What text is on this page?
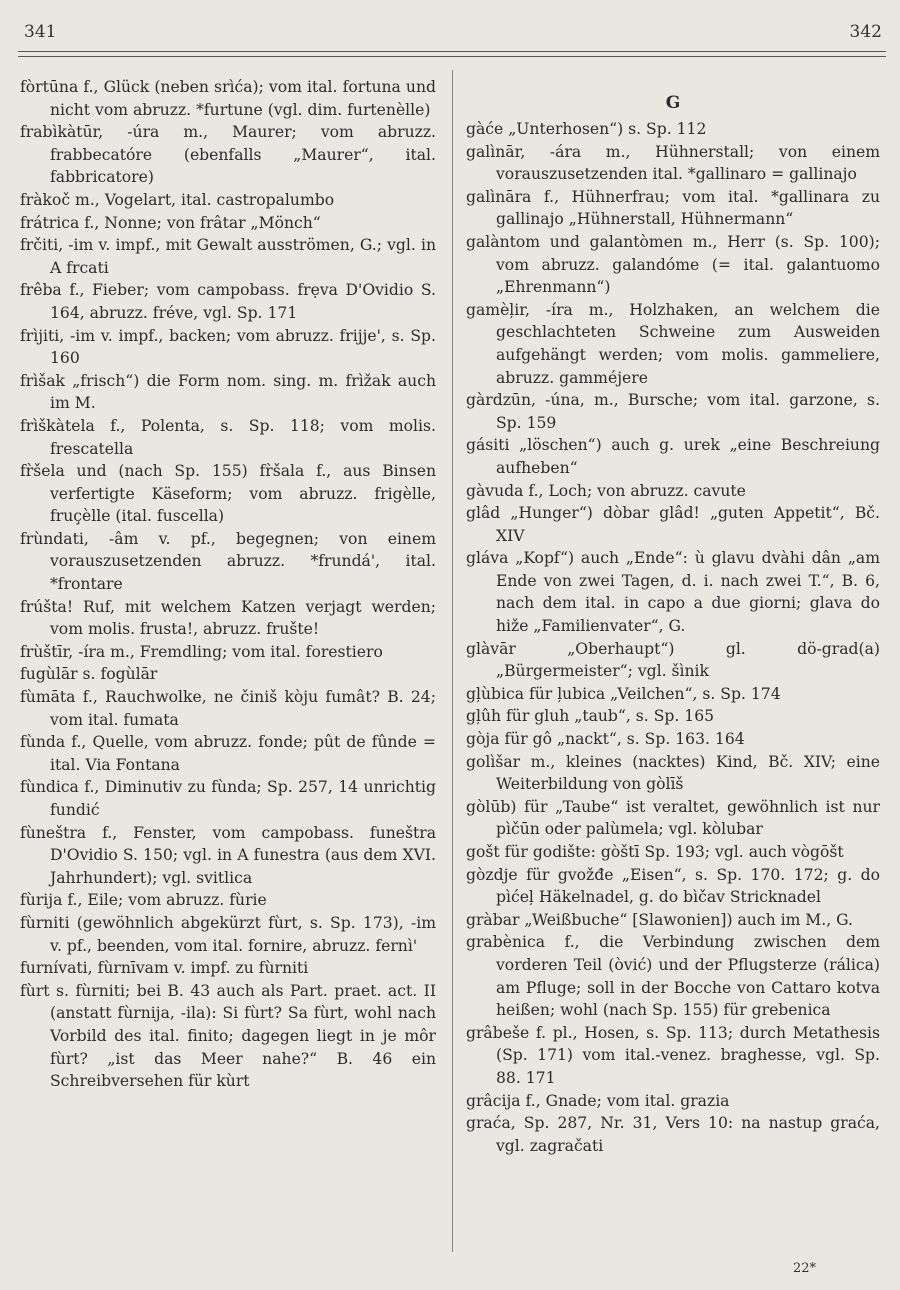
341	342
fòrtūna f., Glück (neben srìća); vom ital. fortuna und nicht vom abruzz. *furtune (vgl. dim. furtenèlle)
frabìkàtūr, -úra m., Maurer; vom abruzz. frabbecatóre (ebenfalls „Maurer“, ital. fabbricatore)
fràkoč m., Vogelart, ital. castropalumbo
frátrica f., Nonne; von frâtar „Mönch“
frčiti, -im v. impf., mit Gewalt ausströmen, G.; vgl. in A frcati
frêba f., Fieber; vom campobass. frẹva D'Ovidio S. 164, abruzz. fréve, vgl. Sp. 171
frìjiti, -im v. impf., backen; vom abruzz. frijje', s. Sp. 160
frìšak „frisch“) die Form nom. sing. m. frìžak auch im M.
frìškàtela f., Polenta, s. Sp. 118; vom molis. frescatella
fr̀šela und (nach Sp. 155) fr̀šala f., aus Binsen verfertigte Käseform; vom abruzz. frigèlle, fruçèlle (ital. fuscella)
frùndati, -âm v. pf., begegnen; von einem vorauszusetzenden abruzz. *frundá', ital. *frontare
frúšta! Ruf, mit welchem Katzen verjagt werden; vom molis. frusta!, abruzz. frušte!
frùštīr, -íra m., Fremdling; vom ital. forestiero
fugùlār s. fogùlār
fùmāta f., Rauchwolke, ne činiš kòju fumât? B. 24; vom ital. fumata
fùnda f., Quelle, vom abruzz. fonde; pût de fûnde = ital. Via Fontana
fùndica f., Diminutiv zu fùnda; Sp. 257, 14 unrichtig fundić
fùneštra f., Fenster, vom campobass. funeštra D'Ovidio S. 150; vgl. in A funestra (aus dem XVI. Jahrhundert); vgl. svitlica
fùrija f., Eile; vom abruzz. fùrie
fùrniti (gewöhnlich abgekürzt fùrt, s. Sp. 173), -im v. pf., beenden, vom ital. fornire, abruzz. fernì'
furnívati, fùrnīvam v. impf. zu fùrniti
fùrt s. fùrniti; bei B. 43 auch als Part. praet. act. II (anstatt fùrnija, -ila): Si fùrt? Sa fùrt, wohl nach Vorbild des ital. finito; dagegen liegt in je môr fùrt? „ist das Meer nahe?“ B. 46 ein Schreibversehen für kùrt
G
gàće „Unterhosen“) s. Sp. 112
galìnār, -ára m., Hühnerstall; von einem vorauszusetzenden ital. *gallinaro = gallinajo
galìnāra f., Hühnerfrau; vom ital. *gallinara zu gallinajo „Hühnerstall, Hühnermann“
galàntom und galantòmen m., Herr (s. Sp. 100); vom abruzz. galandóme (= ital. galantuomo „Ehrenmann“)
gamèļir, -íra m., Holzhaken, an welchem die geschlachteten Schweine zum Ausweiden aufgehängt werden; vom molis. gammeliere, abruzz. gamméjere
gàrdzūn, -úna, m., Bursche; vom ital. garzone, s. Sp. 159
gásiti „löschen“) auch g. urek „eine Beschreiung aufheben“
gàvuda f., Loch; von abruzz. cavute
glâd „Hunger“) dòbar glâd! „guten Appetit“, Bč. XIV
gláva „Kopf“) auch „Ende“: ù glavu dvàhi dân „am Ende von zwei Tagen, d. i. nach zwei T.“, B. 6, nach dem ital. in capo a due giorni; glava do hiže „Familienvater“, G.
glàvār „Oberhaupt“) gl. dö-grad(a) „Bürgermeister“; vgl. šìnik
gļùbica für ļubica „Veilchen“, s. Sp. 174
gļûh für gluh „taub“, s. Sp. 165
gòja für gô „nackt“, s. Sp. 163. 164
golìšar m., kleines (nacktes) Kind, Bč. XIV; eine Weiterbildung von gòlīš
gòlūb) für „Taube“ ist veraltet, gewöhnlich ist nur pìčūn oder palùmela; vgl. kòlubar
gošt für godište: gòštī Sp. 193; vgl. auch vògōšt
gòzdje für gvožđe „Eisen“, s. Sp. 170. 172; g. do pìćeļ Häkelnadel, g. do bìčav Stricknadel
gràbar „Weißbuche“ [Slawonien]) auch im M., G.
grabènica f., die Verbindung zwischen dem vorderen Teil (òvić) und der Pflugsterze (rálica) am Pfluge; soll in der Bocche von Cattaro kotva heißen; wohl (nach Sp. 155) für grebenica
grâbeše f. pl., Hosen, s. Sp. 113; durch Metathesis (Sp. 171) vom ital.-venez. braghesse, vgl. Sp. 88. 171
grâcija f., Gnade; vom ital. grazia
graća, Sp. 287, Nr. 31, Vers 10: na nastup graća, vgl. zagračati
22*
